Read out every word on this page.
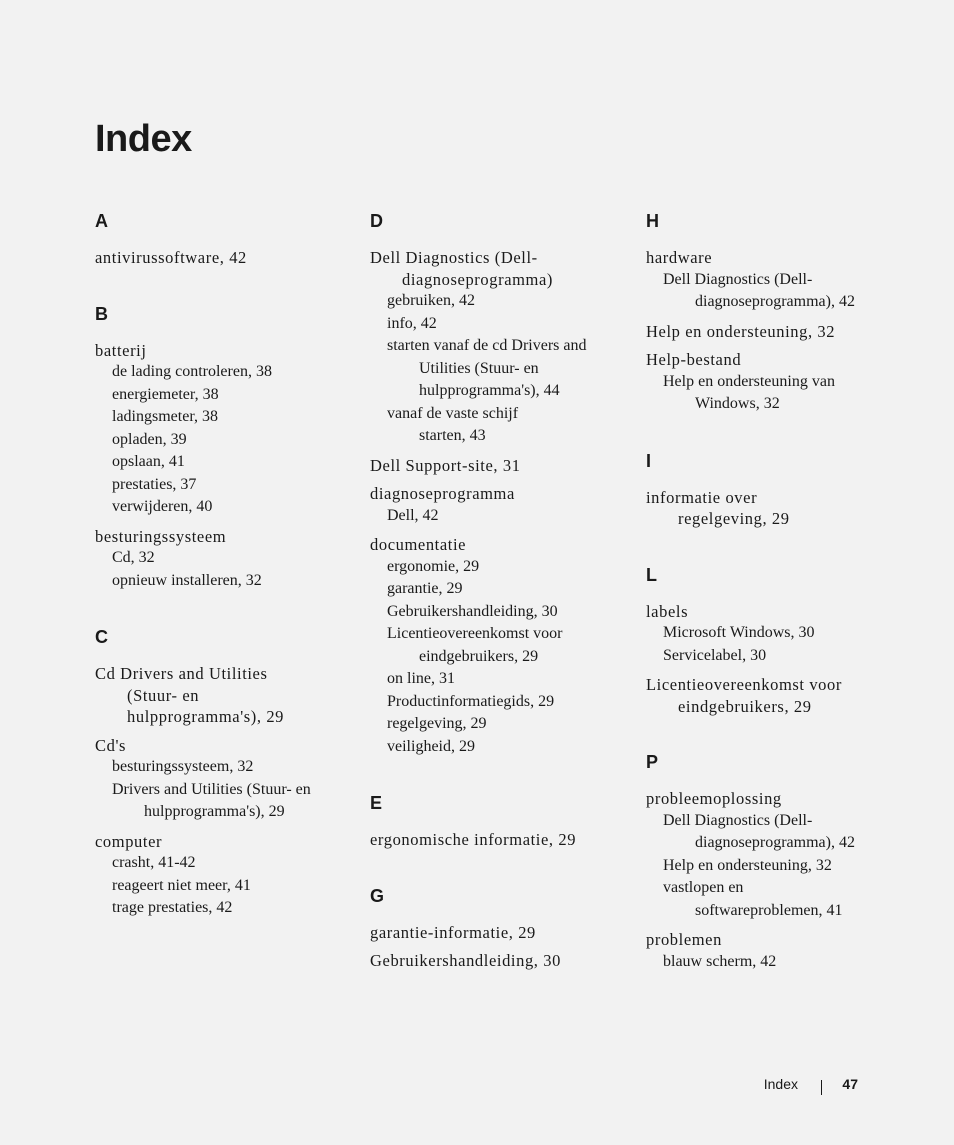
Index
A
antivirussoftware, 42
B
batterij
de lading controleren, 38
energiemeter, 38
ladingsmeter, 38
opladen, 39
opslaan, 41
prestaties, 37
verwijderen, 40
besturingssysteem
Cd, 32
opnieuw installeren, 32
C
Cd Drivers and Utilities
(Stuur- en
hulpprogramma's), 29
Cd's
besturingssysteem, 32
Drivers and Utilities (Stuur- en
hulpprogramma's), 29
computer
crasht, 41-42
reageert niet meer, 41
trage prestaties, 42
D
Dell Diagnostics (Dell-
diagnoseprogramma)
gebruiken, 42
info, 42
starten vanaf de cd Drivers and
Utilities (Stuur- en
hulpprogramma's), 44
vanaf de vaste schijf
starten, 43
Dell Support-site, 31
diagnoseprogramma
Dell, 42
documentatie
ergonomie, 29
garantie, 29
Gebruikershandleiding, 30
Licentieovereenkomst voor
eindgebruikers, 29
on line, 31
Productinformatiegids, 29
regelgeving, 29
veiligheid, 29
E
ergonomische informatie, 29
G
garantie-informatie, 29
Gebruikershandleiding, 30
H
hardware
Dell Diagnostics (Dell-
diagnoseprogramma), 42
Help en ondersteuning, 32
Help-bestand
Help en ondersteuning van
Windows, 32
I
informatie over
regelgeving, 29
L
labels
Microsoft Windows, 30
Servicelabel, 30
Licentieovereenkomst voor
eindgebruikers, 29
P
probleemoplossing
Dell Diagnostics (Dell-
diagnoseprogramma), 42
Help en ondersteuning, 32
vastlopen en
softwareproblemen, 41
problemen
blauw scherm, 42
Index	47
